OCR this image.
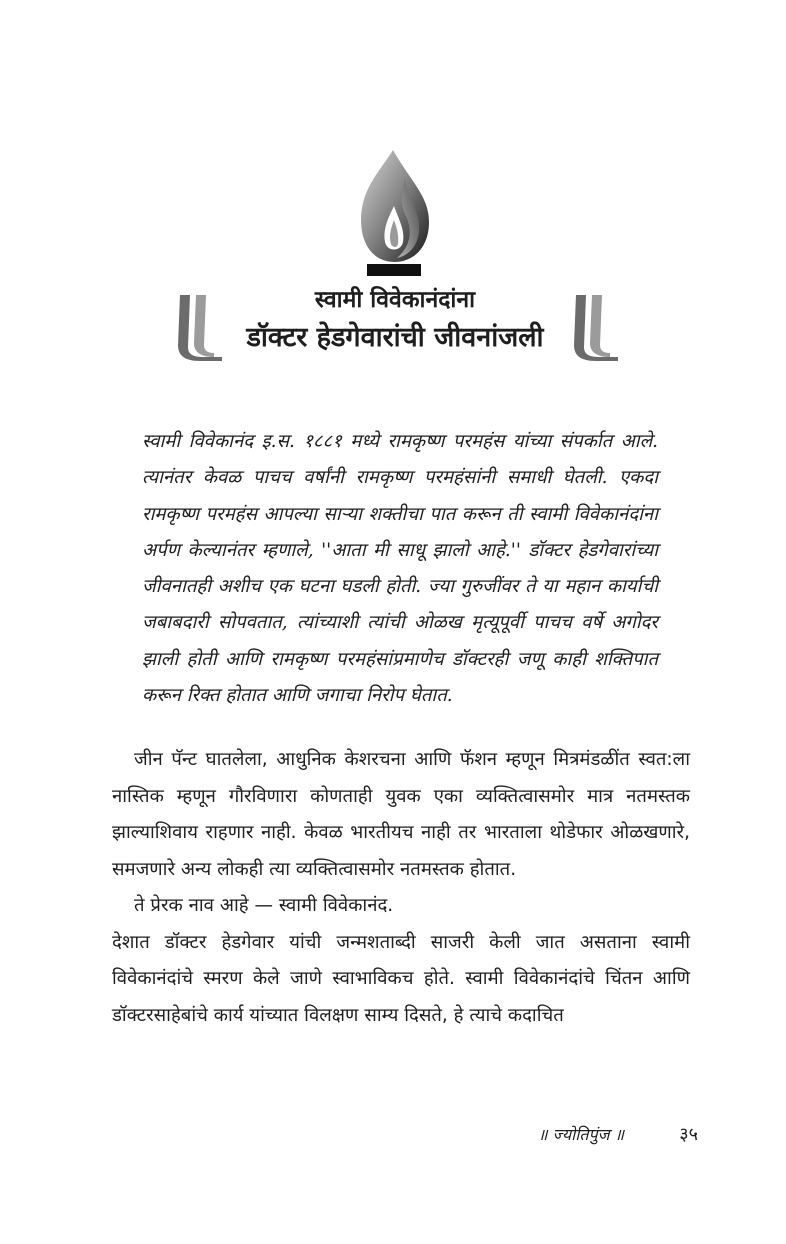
स्वामी विवेकानंदांना
डॉक्टर हेडगेवारांची जीवनांजली
स्वामी विवेकानंद इ.स. १८८१ मध्ये रामकृष्ण परमहंस यांच्या संपर्कात आले. त्यानंतर केवळ पाचच वर्षांनी रामकृष्ण परमहंसांनी समाधी घेतली. एकदा रामकृष्ण परमहंस आपल्या साऱ्या शक्तीचा पात करून ती स्वामी विवेकानंदांना अर्पण केल्यानंतर म्हणाले, ''आता मी साधू झालो आहे.'' डॉक्टर हेडगेवारांच्या जीवनातही अशीच एक घटना घडली होती. ज्या गुरुजींवर ते या महान कार्याची जबाबदारी सोपवतात, त्यांच्याशी त्यांची ओळख मृत्यूपूर्वी पाचच वर्षे अगोदर झाली होती आणि रामकृष्ण परमहंसांप्रमाणेच डॉक्टरही जणू काही शक्तिपात करून रिक्त होतात आणि जगाचा निरोप घेतात.

जीन पॅन्ट घातलेला, आधुनिक केशरचना आणि फॅशन म्हणून मित्रमंडळींत स्वत:ला नास्तिक म्हणून गौरविणारा कोणताही युवक एका व्यक्तित्वासमोर मात्र नतमस्तक झाल्याशिवाय राहणार नाही. केवळ भारतीयच नाही तर भारताला थोडेफार ओळखणारे, समजणारे अन्य लोकही त्या व्यक्तित्वासमोर नतमस्तक होतात.

ते प्रेरक नाव आहे — स्वामी विवेकानंद.

देशात डॉक्टर हेडगेवार यांची जन्मशताब्दी साजरी केली जात असताना स्वामी विवेकानंदांचे स्मरण केले जाणे स्वाभाविकच होते. स्वामी विवेकानंदांचे चिंतन आणि डॉक्टरसाहेबांचे कार्य यांच्यात विलक्षण साम्य दिसते, हे त्याचे कदाचित

॥ ज्योतिपुंज ॥	३५
